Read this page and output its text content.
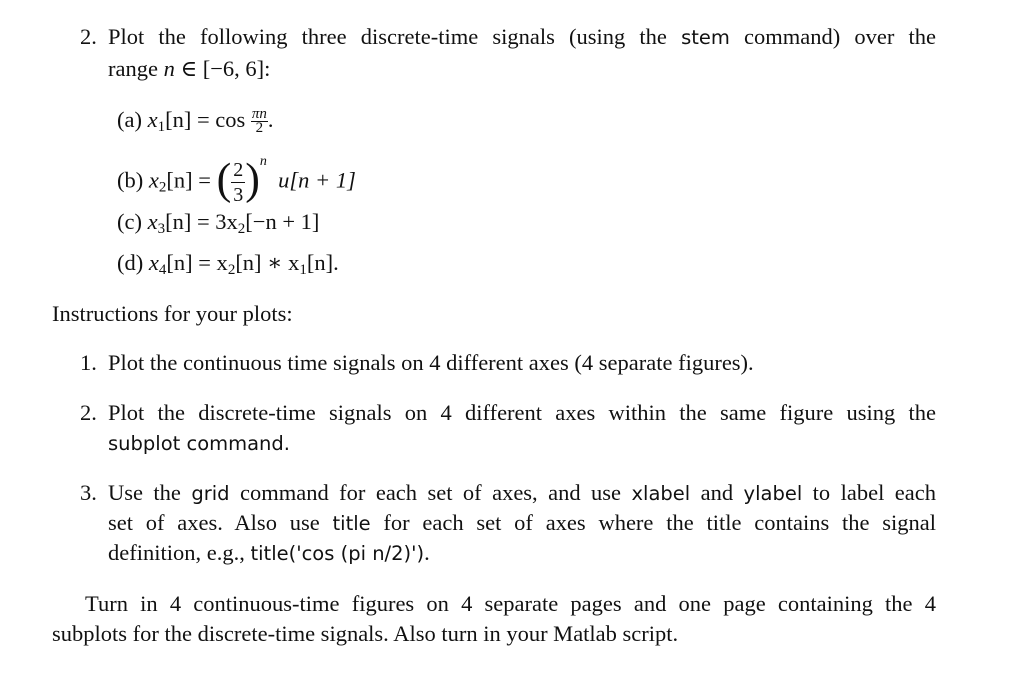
2. Plot the following three discrete-time signals (using the stem command) over the
range n ∈ [−6, 6]:
(a) $x_1[n] = \cos \frac{\pi n}{2}$ .
(b) $x_2[n]$ = ( $\frac{2}{3} )^n$  u[n + 1]
(c) $x_3[n] = 3x_2[-n + 1]$
(d) $x_4[n] = x_2[n]$ ∗ $x_1[n]$.
Instructions for your plots:
1. Plot the continuous time signals on 4 different axes (4 separate figures).
2. Plot the discrete-time signals on 4 different axes within the same figure using the
subplot command.
3. Use the grid command for each set of axes, and use xlabel and ylabel to label each
set of axes. Also use title for each set of axes where the title contains the signal
definition, e.g., title('cos (pi n/2)').
Turn in 4 continuous-time figures on 4 separate pages and one page containing the 4
subplots for the discrete-time signals. Also turn in your Matlab script.
